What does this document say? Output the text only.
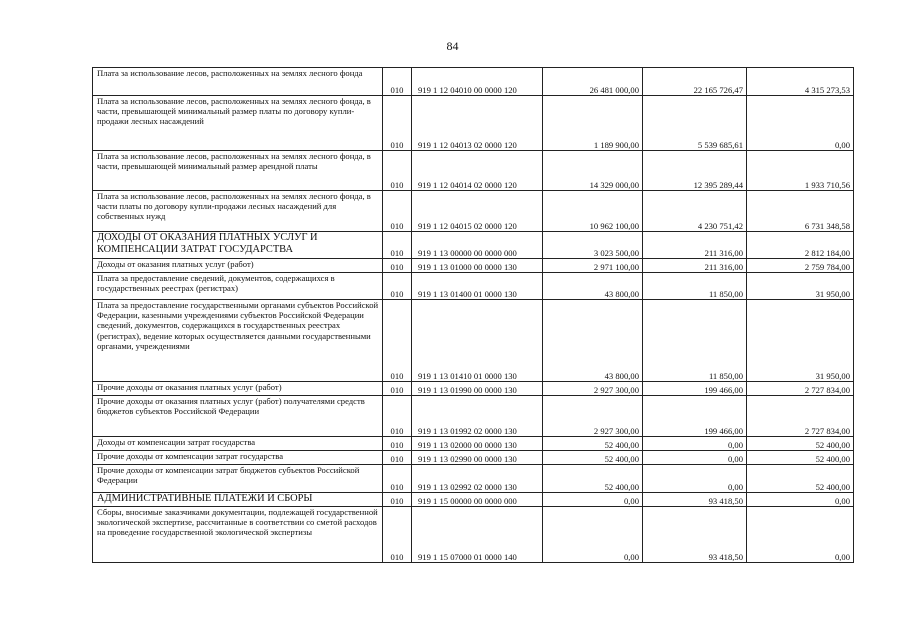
84
Плата за использование лесов, расположенных на землях лесного фонда	010	919 1 12 04010 00 0000 120	26 481 000,00	22 165 726,47	4 315 273,53
Плата за использование лесов, расположенных на землях лесного фонда, в части, превышающей минимальный размер платы по договору купли- продажи лесных насаждений	010	919 1 12 04013 02 0000 120	1 189 900,00	5 539 685,61	0,00
Плата за использование лесов, расположенных на землях лесного фонда, в части, превышающей минимальный размер арендной платы	010	919 1 12 04014 02 0000 120	14 329 000,00	12 395 289,44	1 933 710,56
Плата за использование лесов, расположенных на землях лесного фонда, в части платы по договору купли-продажи лесных насаждений для собственных нужд	010	919 1 12 04015 02 0000 120	10 962 100,00	4 230 751,42	6 731 348,58
ДОХОДЫ ОТ ОКАЗАНИЯ ПЛАТНЫХ УСЛУГ И КОМПЕНСАЦИИ ЗАТРАТ ГОСУДАРСТВА	010	919 1 13 00000 00 0000 000	3 023 500,00	211 316,00	2 812 184,00
Доходы от оказания платных услуг (работ)	010	919 1 13 01000 00 0000 130	2 971 100,00	211 316,00	2 759 784,00
Плата за предоставление сведений, документов, содержащихся в государственных реестрах (регистрах)	010	919 1 13 01400 01 0000 130	43 800,00	11 850,00	31 950,00
Плата за предоставление государственными органами субъектов Российской Федерации, казенными учреждениями субъектов Российской Федерации сведений, документов, содержащихся в государственных реестрах (регистрах), ведение которых осуществляется данными государственными органами, учреждениями	010	919 1 13 01410 01 0000 130	43 800,00	11 850,00	31 950,00
Прочие доходы от оказания платных услуг (работ)	010	919 1 13 01990 00 0000 130	2 927 300,00	199 466,00	2 727 834,00
Прочие доходы от оказания платных услуг (работ) получателями средств бюджетов субъектов Российской Федерации	010	919 1 13 01992 02 0000 130	2 927 300,00	199 466,00	2 727 834,00
Доходы от компенсации затрат государства	010	919 1 13 02000 00 0000 130	52 400,00	0,00	52 400,00
Прочие доходы от компенсации затрат государства	010	919 1 13 02990 00 0000 130	52 400,00	0,00	52 400,00
Прочие доходы от компенсации затрат бюджетов субъектов Российской Федерации	010	919 1 13 02992 02 0000 130	52 400,00	0,00	52 400,00
АДМИНИСТРАТИВНЫЕ ПЛАТЕЖИ И СБОРЫ	010	919 1 15 00000 00 0000 000	0,00	93 418,50	0,00
Сборы, вносимые заказчиками документации, подлежащей государственной экологической экспертизе, рассчитанные в соответствии со сметой расходов на проведение государственной экологической экспертизы	010	919 1 15 07000 01 0000 140	0,00	93 418,50	0,00
